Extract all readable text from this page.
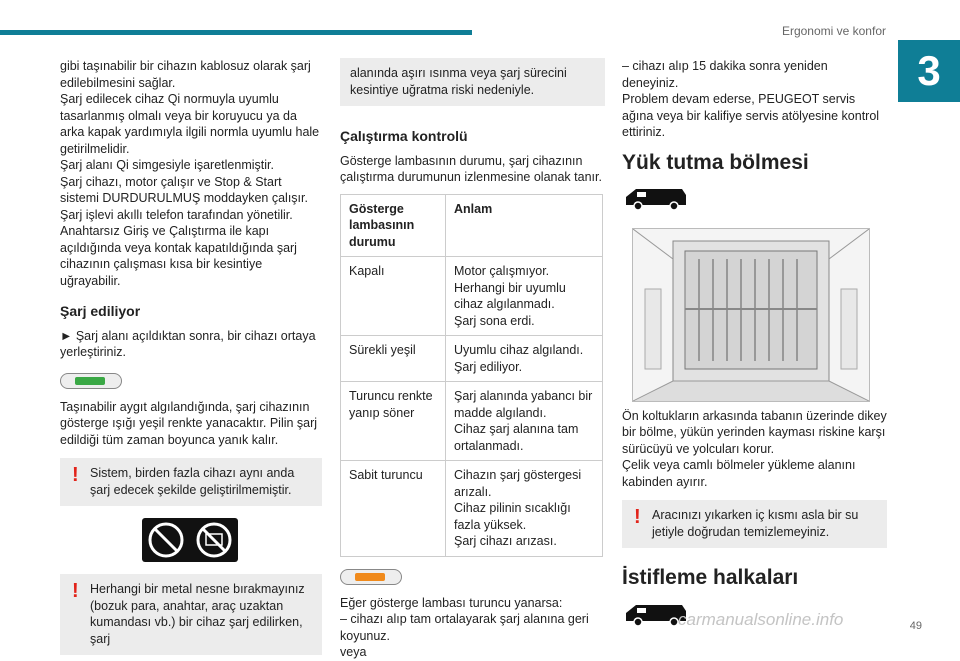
Ergonomi ve konfor
3

gibi taşınabilir bir cihazın kablosuz olarak şarj edilebilmesini sağlar.

Şarj edilecek cihaz Qi normuyla uyumlu tasarlanmış olmalı veya bir koruyucu ya da arka kapak yardımıyla ilgili normla uyumlu hale getirilmelidir.

Şarj alanı Qi simgesiyle işaretlenmiştir.

Şarj cihazı, motor çalışır ve Stop & Start sistemi DURDURULMUŞ moddayken çalışır.

Şarj işlevi akıllı telefon tarafından yönetilir.

Anahtarsız Giriş ve Çalıştırma ile kapı açıldığında veya kontak kapatıldığında şarj cihazının çalışması kısa bir kesintiye uğrayabilir.

Şarj ediliyor

► Şarj alanı açıldıktan sonra, bir cihazı ortaya yerleştiriniz.

Taşınabilir aygıt algılandığında, şarj cihazının gösterge ışığı yeşil renkte yanacaktır. Pilin şarj edildiği tüm zaman boyunca yanık kalır.

! Sistem, birden fazla cihazı aynı anda şarj edecek şekilde geliştirilmemiştir.

! Herhangi bir metal nesne bırakmayınız (bozuk para, anahtar, araç uzaktan kumandası vb.) bir cihaz şarj edilirken, şarj

alanında aşırı ısınma veya şarj sürecini kesintiye uğratma riski nedeniyle.

Çalıştırma kontrolü

Gösterge lambasının durumu, şarj cihazının çalıştırma durumunun izlenmesine olanak tanır.

Gösterge lambasının durumu	Anlam
Kapalı	Motor çalışmıyor.
Herhangi bir uyumlu cihaz algılanmadı.
Şarj sona erdi.
Sürekli yeşil	Uyumlu cihaz algılandı.
Şarj ediliyor.
Turuncu renkte yanıp söner	Şarj alanında yabancı bir madde algılandı.
Cihaz şarj alanına tam ortalanmadı.
Sabit turuncu	Cihazın şarj göstergesi arızalı.
Cihaz pilinin sıcaklığı fazla yüksek.
Şarj cihazı arızası.

Eğer gösterge lambası turuncu yanarsa:
– cihazı alıp tam ortalayarak şarj alanına geri koyunuz.
veya

– cihazı alıp 15 dakika sonra yeniden deneyiniz.
Problem devam ederse, PEUGEOT servis ağına veya bir kalifiye servis atölyesine kontrol ettiriniz.

Yük tutma bölmesi

Ön koltukların arkasında tabanın üzerinde dikey bir bölme, yükün yerinden kayması riskine karşı sürücüyü ve yolcuları korur.
Çelik veya camlı bölmeler yükleme alanını kabinden ayırır.

! Aracınızı yıkarken iç kısmı asla bir su jetiyle doğrudan temizlemeyiniz.

İstifleme halkaları
49
carmanualsonline.info
